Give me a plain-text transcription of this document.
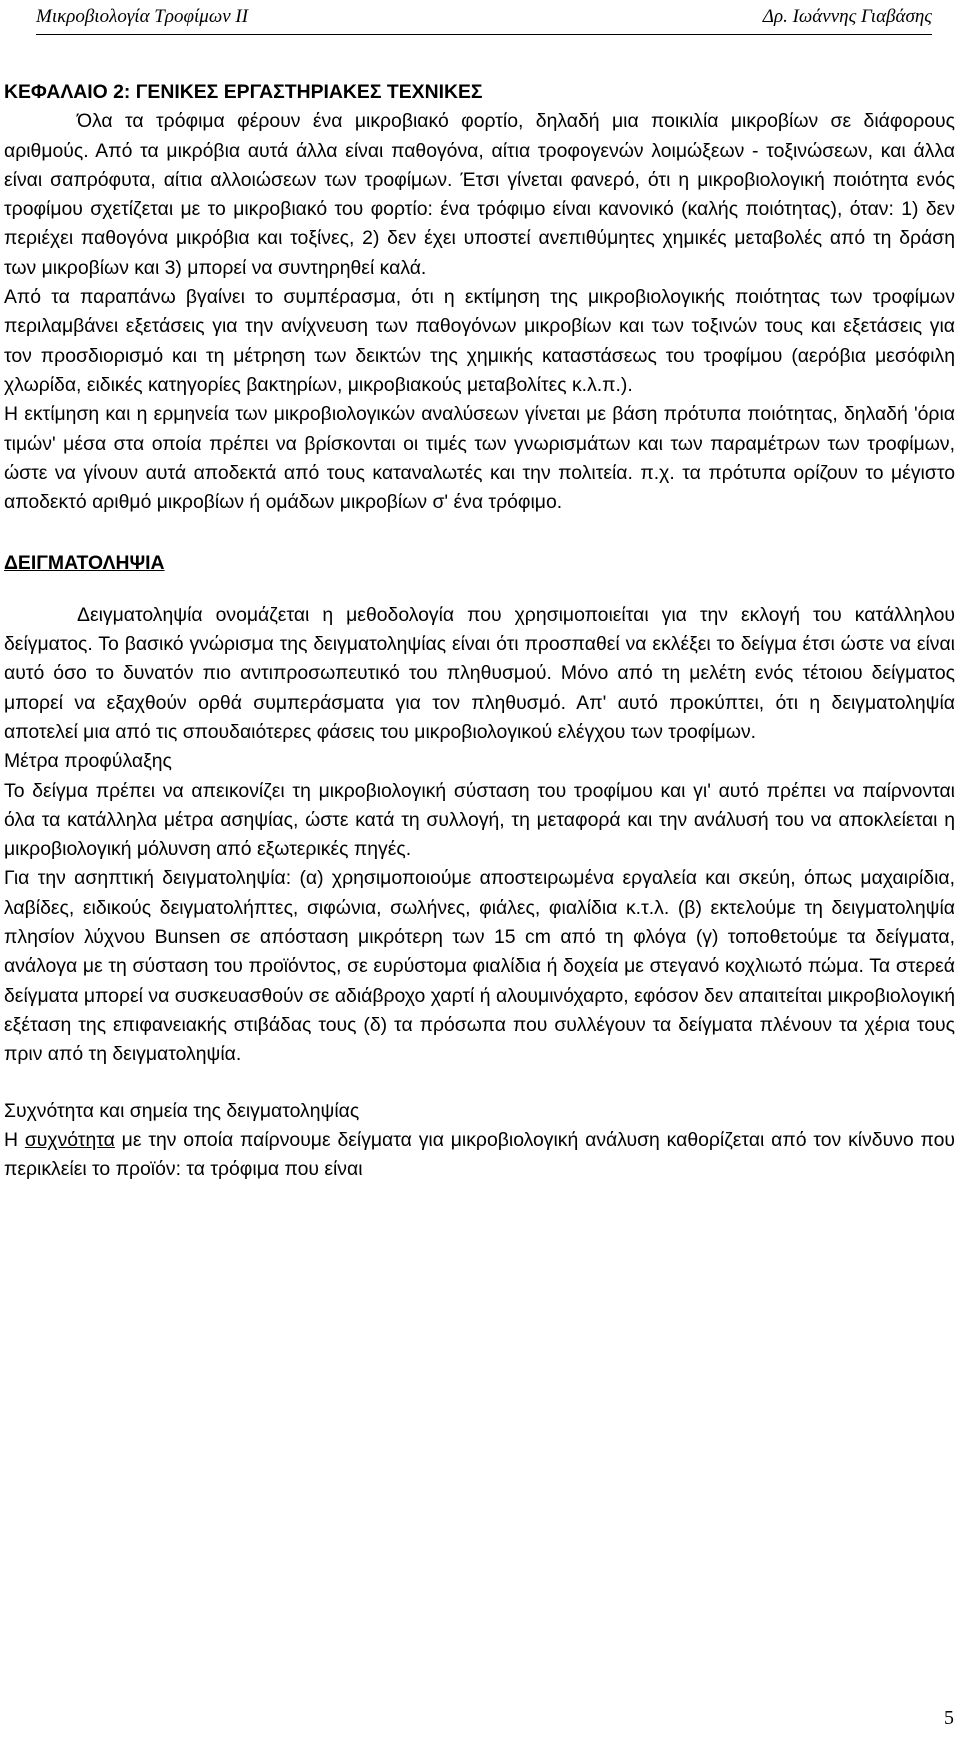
Μικροβιολογία Τροφίμων ΙΙ	Δρ. Ιωάννης Γιαβάσης
ΚΕΦΑΛΑΙΟ 2: ΓΕΝΙΚΕΣ ΕΡΓΑΣΤΗΡΙΑΚΕΣ ΤΕΧΝΙΚΕΣ

Όλα τα τρόφιμα φέρουν ένα μικροβιακό φορτίο, δηλαδή μια ποικιλία μικροβίων σε διάφορους αριθμούς. Από τα μικρόβια αυτά άλλα είναι παθογόνα, αίτια τροφογενών λοιμώξεων - τοξινώσεων, και άλλα είναι σαπρόφυτα, αίτια αλλοιώσεων των τροφίμων. Έτσι γίνεται φανερό, ότι η μικροβιολογική ποιότητα ενός τροφίμου σχετίζεται με το μικροβιακό του φορτίο: ένα τρόφιμο είναι κανονικό (καλής ποιότητας), όταν: 1) δεν περιέχει παθογόνα μικρόβια και τοξίνες, 2) δεν έχει υποστεί ανεπιθύμητες χημικές μεταβολές από τη δράση των μικροβίων και 3) μπορεί να συντηρηθεί καλά.

Από τα παραπάνω βγαίνει το συμπέρασμα, ότι η εκτίμηση της μικροβιολογικής ποιότητας των τροφίμων περιλαμβάνει εξετάσεις για την ανίχνευση των παθογόνων μικροβίων και των τοξινών τους και εξετάσεις για τον προσδιορισμό και τη μέτρηση των δεικτών της χημικής καταστάσεως του τροφίμου (αερόβια μεσόφιλη χλωρίδα, ειδικές κατηγορίες βακτηρίων, μικροβιακούς μεταβολίτες κ.λ.π.).

Η εκτίμηση και η ερμηνεία των μικροβιολογικών αναλύσεων γίνεται με βάση πρότυπα ποιότητας, δηλαδή 'όρια τιμών' μέσα στα οποία πρέπει να βρίσκονται οι τιμές των γνωρισμάτων και των παραμέτρων των τροφίμων, ώστε να γίνουν αυτά αποδεκτά από τους καταναλωτές και την πολιτεία. π.χ. τα πρότυπα ορίζουν το μέγιστο αποδεκτό αριθμό μικροβίων ή ομάδων μικροβίων σ' ένα τρόφιμο.

ΔΕΙΓΜΑΤΟΛΗΨΙΑ

Δειγματοληψία ονομάζεται η μεθοδολογία που χρησιμοποιείται για την εκλογή του κατάλληλου δείγματος. Το βασικό γνώρισμα της δειγματοληψίας είναι ότι προσπαθεί να εκλέξει το δείγμα έτσι ώστε να είναι αυτό όσο το δυνατόν πιο αντιπροσωπευτικό του πληθυσμού. Μόνο από τη μελέτη ενός τέτοιου δείγματος μπορεί να εξαχθούν ορθά συμπεράσματα για τον πληθυσμό. Απ' αυτό προκύπτει, ότι η δειγματοληψία αποτελεί μια από τις σπουδαιότερες φάσεις του μικροβιολογικού ελέγχου των τροφίμων.

Μέτρα προφύλαξης

Το δείγμα πρέπει να απεικονίζει τη μικροβιολογική σύσταση του τροφίμου και γι' αυτό πρέπει να παίρνονται όλα τα κατάλληλα μέτρα ασηψίας, ώστε κατά τη συλλογή, τη μεταφορά και την ανάλυσή του να αποκλείεται η μικροβιολογική μόλυνση από εξωτερικές πηγές.

Για την ασηπτική δειγματοληψία: (α) χρησιμοποιούμε αποστειρωμένα εργαλεία και σκεύη, όπως μαχαιρίδια, λαβίδες, ειδικούς δειγματολήπτες, σιφώνια, σωλήνες, φιάλες, φιαλίδια κ.τ.λ. (β) εκτελούμε τη δειγματοληψία πλησίον λύχνου Bunsen σε απόσταση μικρότερη των 15 cm από τη φλόγα (γ) τοποθετούμε τα δείγματα, ανάλογα με τη σύσταση του προϊόντος, σε ευρύστομα φιαλίδια ή δοχεία με στεγανό κοχλιωτό πώμα. Τα στερεά δείγματα μπορεί να συσκευασθούν σε αδιάβροχο χαρτί ή αλουμινόχαρτο, εφόσον δεν απαιτείται μικροβιολογική εξέταση της επιφανειακής στιβάδας τους (δ) τα πρόσωπα που συλλέγουν τα δείγματα πλένουν τα χέρια τους πριν από τη δειγματοληψία.

Συχνότητα και σημεία της δειγματοληψίας

Η συχνότητα με την οποία παίρνουμε δείγματα για μικροβιολογική ανάλυση καθορίζεται από τον κίνδυνο που περικλείει το προϊόν: τα τρόφιμα που είναι

5
